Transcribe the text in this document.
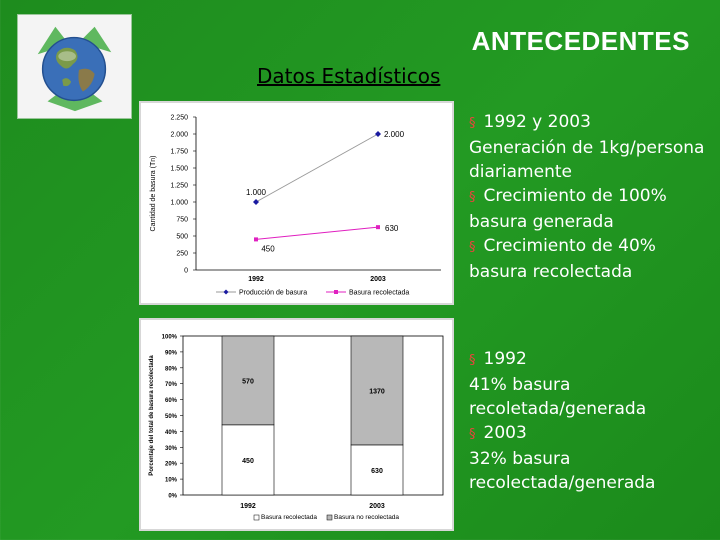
ANTECEDENTES
Datos Estadísticos
0
250
500
750
1.000
1.250
1.500
1.750
2.000
2.250
Cantidad de basura (Tn)
1992	2003
1.000
2.000
450
630
Producción de basura	Basura recolectada
0%
10%
20%
30%
40%
50%
60%
70%
80%
90%
100%
Porcentaje del total de basura recolectada	450
570
1992
630
1370
2003
Basura recolectada	Basura no recolectada
§ 1992 y 2003
Generación de 1kg/persona diariamente
§ Crecimiento de 100%
basura generada
§ Crecimiento de 40%
basura recolectada
§ 1992
41% basura recoletada/generada
§ 2003
32% basura recolectada/generada
